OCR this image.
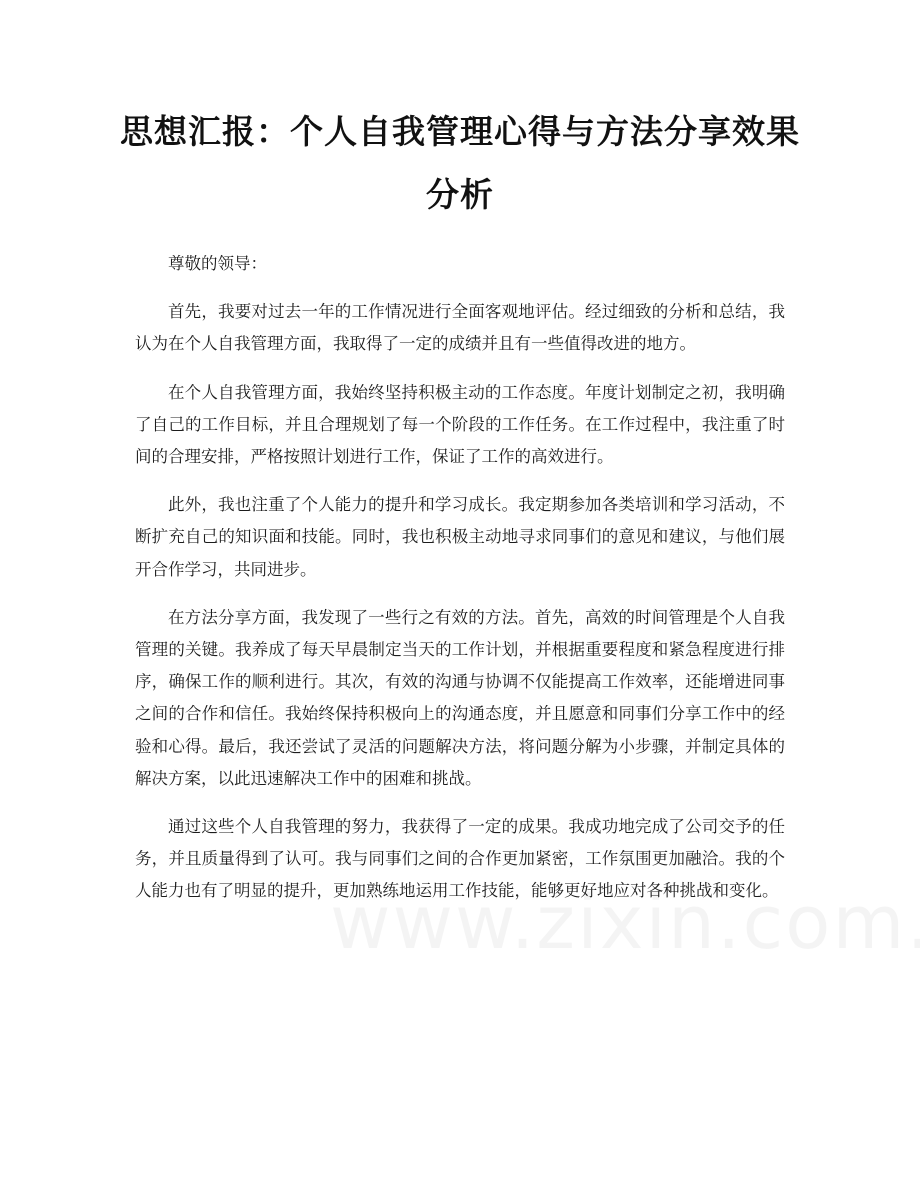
思想汇报：个人自我管理心得与方法分享效果分析

尊敬的领导：

首先，我要对过去一年的工作情况进行全面客观地评估。经过细致的分析和总结，我认为在个人自我管理方面，我取得了一定的成绩并且有一些值得改进的地方。

在个人自我管理方面，我始终坚持积极主动的工作态度。年度计划制定之初，我明确了自己的工作目标，并且合理规划了每一个阶段的工作任务。在工作过程中，我注重了时间的合理安排，严格按照计划进行工作，保证了工作的高效进行。

此外，我也注重了个人能力的提升和学习成长。我定期参加各类培训和学习活动，不断扩充自己的知识面和技能。同时，我也积极主动地寻求同事们的意见和建议，与他们展开合作学习，共同进步。

在方法分享方面，我发现了一些行之有效的方法。首先，高效的时间管理是个人自我管理的关键。我养成了每天早晨制定当天的工作计划，并根据重要程度和紧急程度进行排序，确保工作的顺利进行。其次，有效的沟通与协调不仅能提高工作效率，还能增进同事之间的合作和信任。我始终保持积极向上的沟通态度，并且愿意和同事们分享工作中的经验和心得。最后，我还尝试了灵活的问题解决方法，将问题分解为小步骤，并制定具体的解决方案，以此迅速解决工作中的困难和挑战。

通过这些个人自我管理的努力，我获得了一定的成果。我成功地完成了公司交予的任务，并且质量得到了认可。我与同事们之间的合作更加紧密，工作氛围更加融洽。我的个人能力也有了明显的提升，更加熟练地运用工作技能，能够更好地应对各种挑战和变化。
